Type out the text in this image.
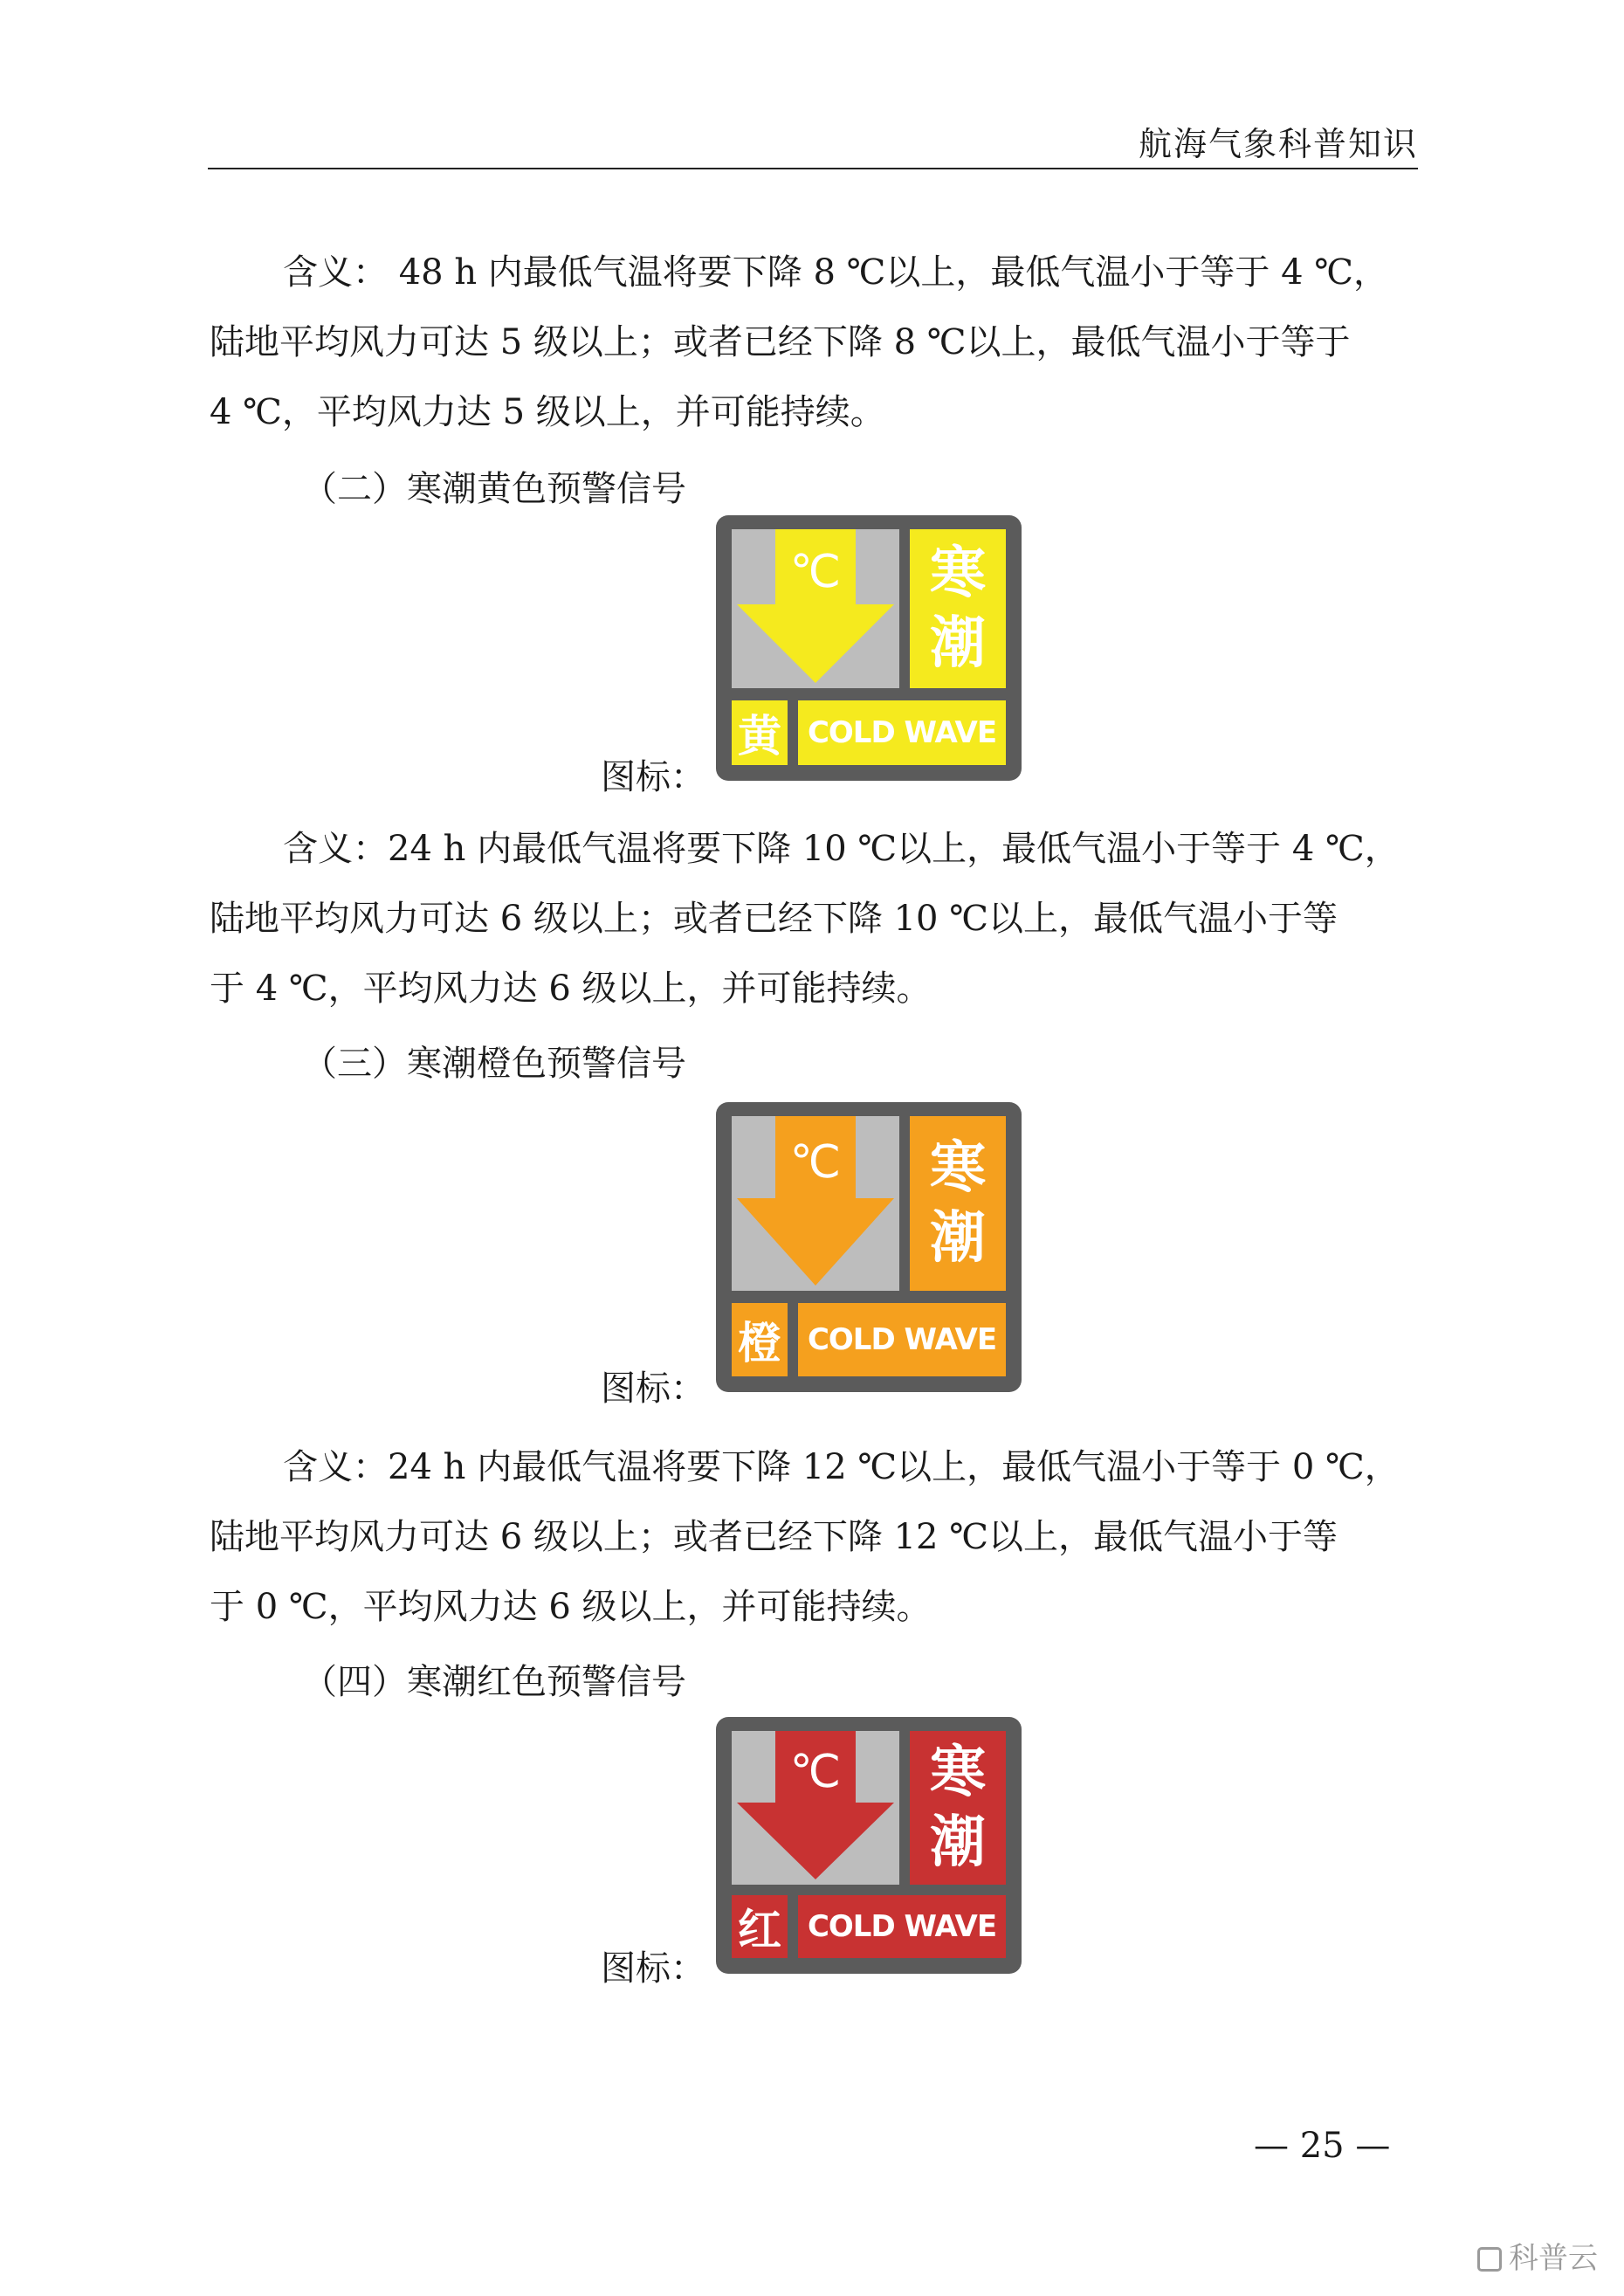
航海气象科普知识
含义： 48 h 内最低气温将要下降 8 ℃以上，最低气温小于等于 4 ℃，
陆地平均风力可达 5 级以上；或者已经下降 8 ℃以上，最低气温小于等于
4 ℃，平均风力达 5 级以上，并可能持续。
（二）寒潮黄色预警信号
℃ 寒
潮
黄 COLD WAVE
图标：
含义：24 h 内最低气温将要下降 10 ℃以上，最低气温小于等于 4 ℃，
陆地平均风力可达 6 级以上；或者已经下降 10 ℃以上，最低气温小于等
于 4 ℃，平均风力达 6 级以上，并可能持续。
（三）寒潮橙色预警信号
℃ 寒
潮
橙 COLD WAVE
图标：
含义：24 h 内最低气温将要下降 12 ℃以上，最低气温小于等于 0 ℃，
陆地平均风力可达 6 级以上；或者已经下降 12 ℃以上，最低气温小于等
于 0 ℃，平均风力达 6 级以上，并可能持续。
（四）寒潮红色预警信号
℃ 寒
潮
红 COLD WAVE
图标：
— 25 —
科普云
